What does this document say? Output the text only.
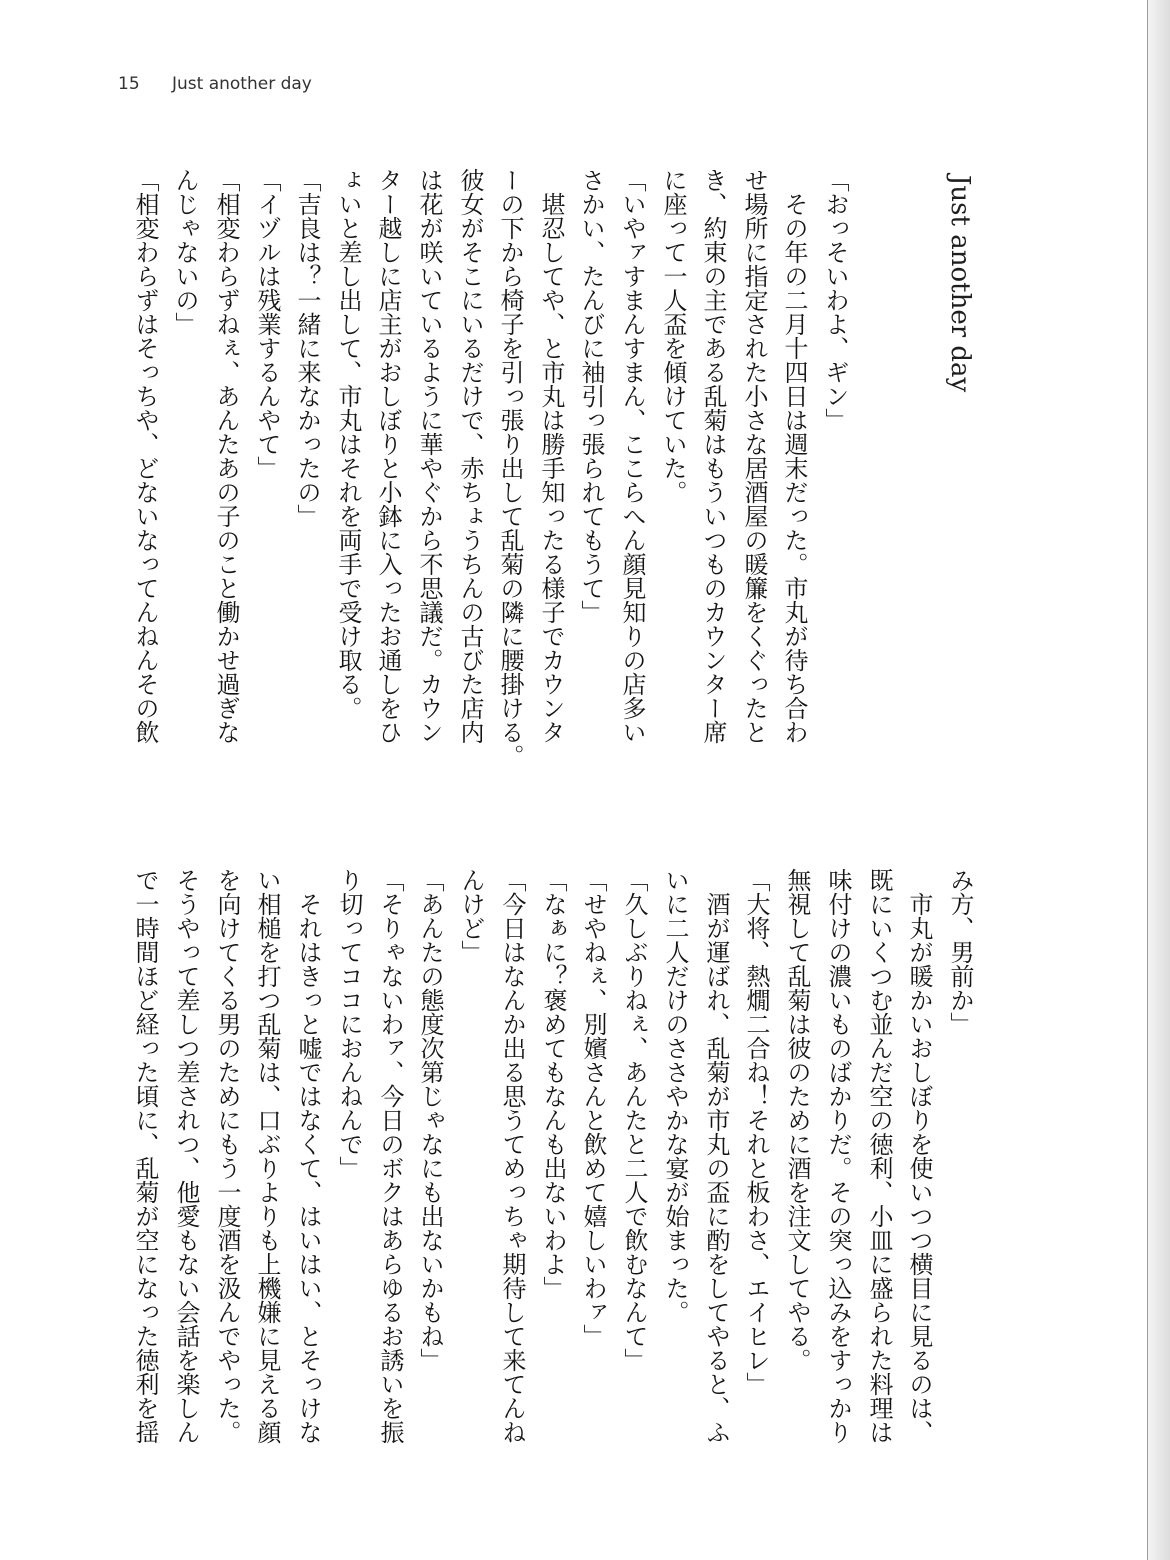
15 Just another day
Just another day
「おっそいわよ、ギン」
その年の二月十四日は週末だった。市丸が待ち合わ
せ場所に指定された小さな居酒屋の暖簾をくぐったと
き、約束の主である乱菊はもういつものカウンター席
に座って一人盃を傾けていた。
「いやァすまんすまん、ここらへん顔見知りの店多い
さかい、たんびに袖引っ張られてもうて」
堪忍してや、と市丸は勝手知ったる様子でカウンタ
ーの下から椅子を引っ張り出して乱菊の隣に腰掛ける。
彼女がそこにいるだけで、赤ちょうちんの古びた店内
は花が咲いているように華やぐから不思議だ。カウン
ター越しに店主がおしぼりと小鉢に入ったお通しをひ
ょいと差し出して、市丸はそれを両手で受け取る。
「吉良は？一緒に来なかったの」
「イヅルは残業するんやて」
「相変わらずねぇ、あんたあの子のこと働かせ過ぎな
んじゃないの」
「相変わらずはそっちや、どないなってんねんその飲
み方、男前か」
市丸が暖かいおしぼりを使いつつ横目に見るのは、
既にいくつむ並んだ空の徳利、小皿に盛られた料理は
味付けの濃いものばかりだ。その突っ込みをすっかり
無視して乱菊は彼のために酒を注文してやる。
「大将、熱燗二合ね！それと板わさ、エイヒレ」
酒が運ばれ、乱菊が市丸の盃に酌をしてやると、ふ
いに二人だけのささやかな宴が始まった。
「久しぶりねぇ、あんたと二人で飲むなんて」
「せやねぇ、別嬪さんと飲めて嬉しいわァ」
「なぁに？褒めてもなんも出ないわよ」
「今日はなんか出る思うてめっちゃ期待して来てんね
んけど」
「あんたの態度次第じゃなにも出ないかもね」
「そりゃないわァ、今日のボクはあらゆるお誘いを振
り切ってココにおんねんで」
それはきっと嘘ではなくて、はいはい、とそっけな
い相槌を打つ乱菊は、口ぶりよりも上機嫌に見える顔
を向けてくる男のためにもう一度酒を汲んでやった。
そうやって差しつ差されつ、他愛もない会話を楽しん
で一時間ほど経った頃に、乱菊が空になった徳利を揺
